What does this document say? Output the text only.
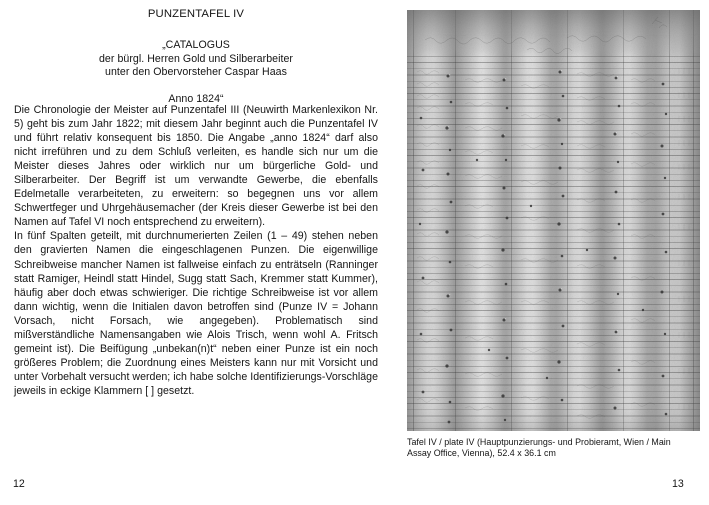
PUNZENTAFEL IV
„CATALOGUS
der bürgl. Herren Gold und Silberarbeiter
unter den Obervorsteher Caspar Haas
Anno 1824“

Die Chronologie der Meister auf Punzentafel III (Neuwirth Markenlexikon Nr. 5) geht bis zum Jahr 1822; mit diesem Jahr beginnt auch die Punzentafel IV und führt relativ konsequent bis 1850. Die Angabe „anno 1824“ darf also nicht irreführen und zu dem Schluß verleiten, es handle sich nur um die Meister dieses Jahres oder wirklich nur um bürgerliche Gold- und Silberarbeiter. Der Begriff ist um verwandte Gewerbe, die ebenfalls Edelmetalle verarbeiteten, zu erweitern: so begegnen uns vor allem Schwertfeger und Uhrgehäusemacher (der Kreis dieser Gewerbe ist bei den Namen auf Tafel VI noch entsprechend zu erweitern).

In fünf Spalten geteilt, mit durchnumerierten Zeilen (1 – 49) stehen neben den gravierten Namen die eingeschlagenen Punzen. Die eigenwillige Schreibweise mancher Namen ist fallweise einfach zu enträtseln (Ranninger statt Ramiger, Heindl statt Hindel, Sugg statt Sach, Kremmer statt Kummer), häufig aber doch etwas schwieriger. Die richtige Schreibweise ist vor allem dann wichtig, wenn die Initialen davon betroffen sind (Punze IV = Johann Vorsach, nicht Forsach, wie angegeben). Problematisch sind mißverständliche Namensangaben wie Alois Trisch, wenn wohl A. Fritsch gemeint ist). Die Beifügung „unbekan(n)t“ neben einer Punze ist ein noch größeres Problem; die Zuordnung eines Meisters kann nur mit Vorsicht und unter Vorbehalt versucht werden; ich habe solche Identifizierungs-Vorschläge jeweils in eckige Klammern [ ] gesetzt.

12
Tafel IV / plate IV (Hauptpunzierungs- und Probieramt, Wien / Main Assay Office, Vienna), 52.4 x 36.1 cm
13
